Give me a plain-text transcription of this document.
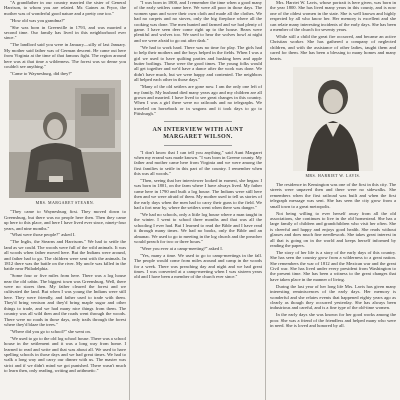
"A grandfather in our country married the sister of General Harrison, to whom you are related. Mr. Gaines as Pryor, the mother was of wonderful good nature and a pretty one too."

"How old was you grandma?"

"She was born in Greenville in 1793, and was married a second time. Our family has lived in this neighborhood ever since."

"The landlord said you were in January—silly of last January. My mother said father was of German descent. He came out here from Virginia at the time of that famous fight. The region around here was at that time a wilderness. The forest was so dense you couldn't see anything."

"Came to Waynesburg, did they?"

MRS. MARGARET STEARN.

"They came to Waynesburg first. They moved down to Greensburg, but there was no people here then. Then they came up here to this place, and here I have lived ever since, ninety-four years, and nine months."

"What were those people?" asked I.

"The Inglis, the Stearns and Harrisons." We had to settle the land as we could. The woods were full of the wild animals. It was all woods when father moved here. But the Indians were around, and father had to go. The children were sent with the animals. In 1812 there was the battle on the river. My uncle was killed in the battle near Philadelphia.

"Some four or five miles from here. There was a log house near the old cabin. The biggest town was Greensburg. Well, there were no stores then. My father cleared the forest and we cultivated the land. But when I was young the Indians were still here. They were friendly, and father used to trade with them. They'd bring venison and they'd bring maple sugar and other things to trade, and we had many nice things from them. The country was all wild then and the roads went through the woods. There were no roads in those days, only trails through the forest where they'd blaze the trees."

"Where did you go to school?" she went on.

"We used to go to the old log school house. There was a school house in the settlement and it was a long way from home. I learned to read and write and that was about all. We used to have spelling schools in those days and we had great times. We had to walk a long way and carry our dinner with us. The master was strict and if we didn't mind we got punished. There wasn't much to learn then, only reading, writing and arithmetic."

"I was born in 1800, and I remember the time when a good many of the early settlers came here. We were all poor in those days. The women spun and wove their own cloth and made all the clothes. We had no carpets and no stoves, only the big fireplace where all the cooking was done. The men hunted and farmed and we had plenty of game. I have seen deer come right up to the house. Bears were plentiful and wolves too. We used to hear the wolves howl at night and we were afraid to go out after dark."

"We had to work hard. There was no time for play. The girls had to help their mothers and the boys helped in the fields. When I was a girl we used to have quilting parties and husking bees and apple butter boilings. Those were the good times. The young folks would all get together and we'd have a dance after the work was done. We didn't have much, but we were happy and contented. The neighbors all helped each other in those days."

"Many of the old settlers are gone now. I am the only one left of my family. My husband died many years ago and my children are all grown and married. I have lived to see great changes in this country. When I was a girl there were no railroads and no telegraphs. We traveled on horseback or in wagons and it took days to go to Pittsburgh."

AN INTERVIEW WITH AUNT MARGARET WILSON.

"I don't know that I can tell you anything," said Aunt Margaret when my errand was made known. "I was born in Greene county. My father and mother came here from Virginia and we were among the first families to settle in this part of the country. I remember when this was all woods."

"Then, seeing that her interviewer looked in earnest, she began: I was born in 1801, on the farm where I have always lived. My father came here in 1790 and built a log house. The Indians were still here then and we were afraid of them. My mother used to tell us stories of the early days when the men had to carry their guns to the field. We had a fort near by, where the settlers went when there was danger."

"We had no schools, only a little log house where a man taught in the winter. I went to school three months and that was all the schooling I ever had. But I learned to read the Bible and I have read it through many times. We had no books, only the Bible and an almanac. We used to go to meeting in the log church and the preacher would preach for two or three hours."

"Were you ever at a camp-meeting?" asked I.

"Yes, many a time. We used to go to camp-meetings in the fall. The people would come from miles around and camp in the woods for a week. There was preaching day and night and we had great times. I was converted at a camp-meeting when I was sixteen years old and I have been a member of the church ever since."

Mrs. Harriet W. Lavis, whose portrait is here given, was born in the year 1800. She has lived many years in this county, and is now one of the oldest women in the state. She is well known and highly respected by all who know her. Her memory is excellent and she can relate many interesting incidents of the early days. She has been a member of the church for seventy years.

While still a child the great fire occurred, and became an active Christian worker. She has gathered a company of neglected children, and with the assistance of other ladies, taught them and cared for them. She has been a blessing to many homes and many hearts.

MRS. HARRIET W. LAVIS.

The residence in Kensington was one of the first in this city. The streets were unpaved then and there were no sidewalks. She remembers when the first railroad was built and when the first telegraph message was sent. She has seen the city grow from a small town to a great metropolis.

Not being willing to ever herself away from all the old associations, she continues to live in the old homestead. She has a large family of children and grandchildren who visit her often. She is cheerful and happy and enjoys good health. She reads without glasses and does much fine needlework. She takes great interest in all that is going on in the world and keeps herself informed by reading the papers.

The story of her life is a story of the early days of this country. She has seen the country grow from a wilderness to a great nation. She remembers the war of 1812 and the Mexican war and the great Civil war. She has lived under every president from Washington to the present time. She has been a witness to the great changes that have taken place in the manner of living.

During the last year of her long life Mrs. Lavis has given many interesting reminiscences of the early days. Her memory is wonderful and she relates events that happened eighty years ago as clearly as though they occurred yesterday. She has always been industrious and careful, and is a fine type of the old-time women.

In the early days she was known for her good works among the poor. She was a friend of the friendless and helped many who were in need. She is loved and honored by all.
